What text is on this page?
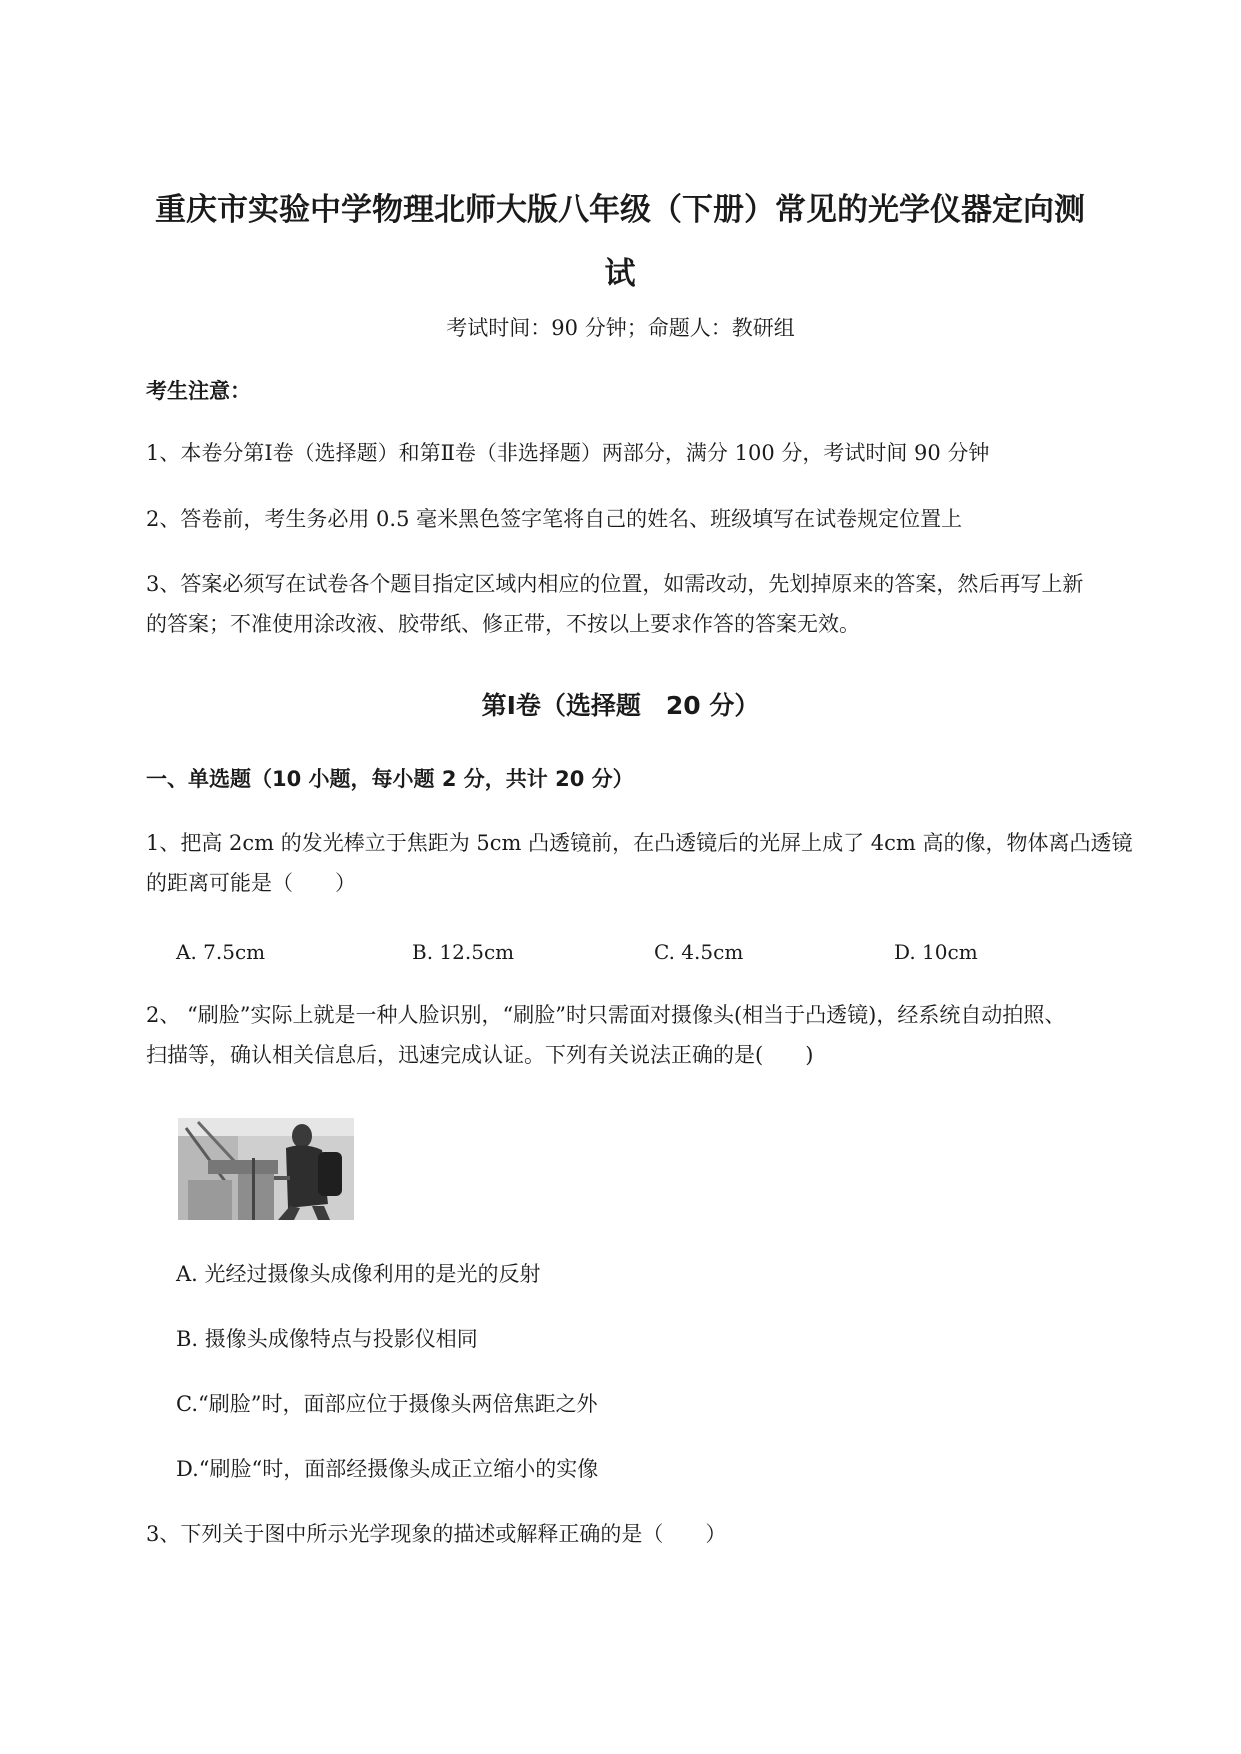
重庆市实验中学物理北师大版八年级（下册）常见的光学仪器定向测
试
考试时间：90 分钟；命题人：教研组
考生注意：
1、本卷分第Ⅰ卷（选择题）和第Ⅱ卷（非选择题）两部分，满分 100 分，考试时间 90 分钟
2、答卷前，考生务必用 0.5 毫米黑色签字笔将自己的姓名、班级填写在试卷规定位置上
3、答案必须写在试卷各个题目指定区域内相应的位置，如需改动，先划掉原来的答案，然后再写上新
的答案；不准使用涂改液、胶带纸、修正带，不按以上要求作答的答案无效。
第Ⅰ卷（选择题　20 分）
一、单选题（10 小题，每小题 2 分，共计 20 分）
1、把高 2cm 的发光棒立于焦距为 5cm 凸透镜前，在凸透镜后的光屏上成了 4cm 高的像，物体离凸透镜
的距离可能是（　　）
A. 7.5cm	B. 12.5cm	C. 4.5cm	D. 10cm
2、 “刷脸”实际上就是一种人脸识别，“刷脸”时只需面对摄像头(相当于凸透镜)，经系统自动拍照、
扫描等，确认相关信息后，迅速完成认证。下列有关说法正确的是(　　)
A. 光经过摄像头成像利用的是光的反射
B. 摄像头成像特点与投影仪相同
C.“刷脸”时，面部应位于摄像头两倍焦距之外
D.“刷脸“时，面部经摄像头成正立缩小的实像
3、下列关于图中所示光学现象的描述或解释正确的是（　　）
